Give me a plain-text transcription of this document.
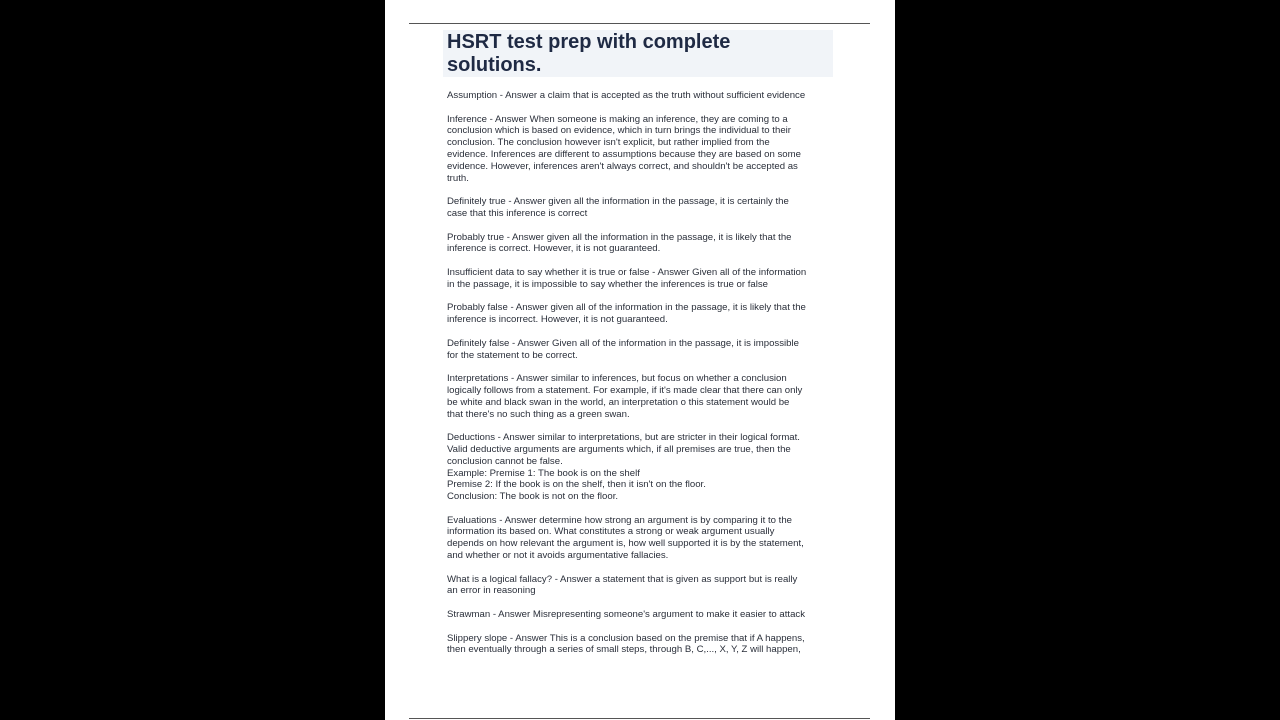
HSRT test prep with complete
solutions.
Assumption - Answer a claim that is accepted as the truth without sufficient evidence
Inference - Answer When someone is making an inference, they are coming to a
conclusion which is based on evidence, which in turn brings the individual to their
conclusion. The conclusion however isn't explicit, but rather implied from the
evidence. Inferences are different to assumptions because they are based on some
evidence. However, inferences aren't always correct, and shouldn't be accepted as
truth.
Definitely true - Answer given all the information in the passage, it is certainly the
case that this inference is correct
Probably true - Answer given all the information in the passage, it is likely that the
inference is correct. However, it is not guaranteed.
Insufficient data to say whether it is true or false - Answer Given all of the information
in the passage, it is impossible to say whether the inferences is true or false
Probably false - Answer given all of the information in the passage, it is likely that the
inference is incorrect. However, it is not guaranteed.
Definitely false - Answer Given all of the information in the passage, it is impossible
for the statement to be correct.
Interpretations - Answer similar to inferences, but focus on whether a conclusion
logically follows from a statement. For example, if it's made clear that there can only
be white and black swan in the world, an interpretation o this statement would be
that there's no such thing as a green swan.
Deductions - Answer similar to interpretations, but are stricter in their logical format.
Valid deductive arguments are arguments which, if all premises are true, then the
conclusion cannot be false.
Example: Premise 1: The book is on the shelf
Premise 2: If the book is on the shelf, then it isn't on the floor.
Conclusion: The book is not on the floor.
Evaluations - Answer determine how strong an argument is by comparing it to the
information its based on. What constitutes a strong or weak argument usually
depends on how relevant the argument is, how well supported it is by the statement,
and whether or not it avoids argumentative fallacies.
What is a logical fallacy? - Answer a statement that is given as support but is really
an error in reasoning
Strawman - Answer Misrepresenting someone's argument to make it easier to attack
Slippery slope - Answer This is a conclusion based on the premise that if A happens,
then eventually through a series of small steps, through B, C,..., X, Y, Z will happen,
